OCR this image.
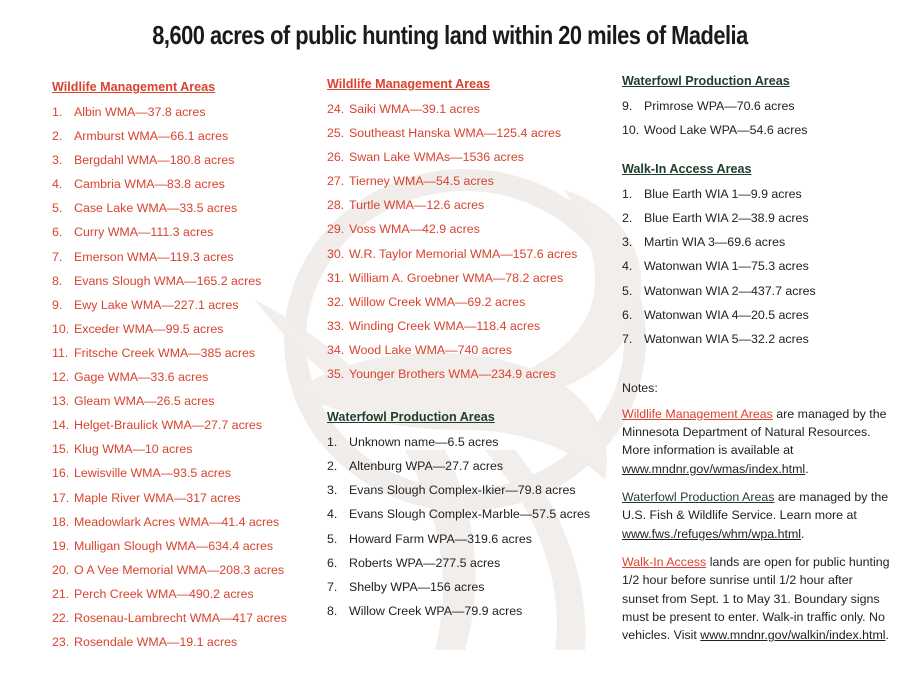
8,600 acres of public hunting land within 20 miles of Madelia
Wildlife Management Areas
1. Albin WMA—37.8 acres
2. Armburst WMA—66.1 acres
3. Bergdahl WMA—180.8 acres
4. Cambria WMA—83.8 acres
5. Case Lake WMA—33.5 acres
6. Curry WMA—111.3 acres
7. Emerson WMA—119.3 acres
8. Evans Slough WMA—165.2 acres
9. Ewy Lake WMA—227.1 acres
10. Exceder WMA—99.5 acres
11. Fritsche Creek WMA—385 acres
12. Gage WMA—33.6 acres
13. Gleam WMA—26.5 acres
14. Helget-Braulick WMA—27.7 acres
15. Klug WMA—10 acres
16. Lewisville WMA—93.5 acres
17. Maple River WMA—317 acres
18. Meadowlark Acres WMA—41.4 acres
19. Mulligan Slough WMA—634.4 acres
20. O A Vee Memorial WMA—208.3 acres
21. Perch Creek WMA—490.2 acres
22. Rosenau-Lambrecht WMA—417 acres
23. Rosendale WMA—19.1 acres
Wildlife Management Areas
24. Saiki WMA—39.1 acres
25. Southeast Hanska WMA—125.4 acres
26. Swan Lake WMAs—1536 acres
27. Tierney WMA—54.5 acres
28. Turtle WMA—12.6 acres
29. Voss WMA—42.9 acres
30. W.R. Taylor Memorial WMA—157.6 acres
31. William A. Groebner WMA—78.2 acres
32. Willow Creek WMA—69.2 acres
33. Winding Creek WMA—118.4 acres
34. Wood Lake WMA—740 acres
35. Younger Brothers WMA—234.9 acres
Waterfowl Production Areas
1. Unknown name—6.5 acres
2. Altenburg WPA—27.7 acres
3. Evans Slough Complex-Ikier—79.8 acres
4. Evans Slough Complex-Marble—57.5 acres
5. Howard Farm WPA—319.6 acres
6. Roberts WPA—277.5 acres
7. Shelby WPA—156 acres
8. Willow Creek WPA—79.9 acres
Waterfowl Production Areas
9. Primrose WPA—70.6 acres
10. Wood Lake WPA—54.6 acres
Walk-In Access Areas
1. Blue Earth WIA 1—9.9 acres
2. Blue Earth WIA 2—38.9 acres
3. Martin WIA 3—69.6 acres
4. Watonwan WIA 1—75.3 acres
5. Watonwan WIA 2—437.7 acres
6. Watonwan WIA 4—20.5 acres
7. Watonwan WIA 5—32.2 acres
Notes:

Wildlife Management Areas are managed by the Minnesota Department of Natural Resources. More information is available at www.mndnr.gov/wmas/index.html.

Waterfowl Production Areas are managed by the U.S. Fish & Wildlife Service. Learn more at www.fws./refuges/whm/wpa.html.

Walk-In Access lands are open for public hunting 1/2 hour before sunrise until 1/2 hour after sunset from Sept. 1 to May 31. Boundary signs must be present to enter. Walk-in traffic only. No vehicles. Visit www.mndnr.gov/walkin/index.html.
